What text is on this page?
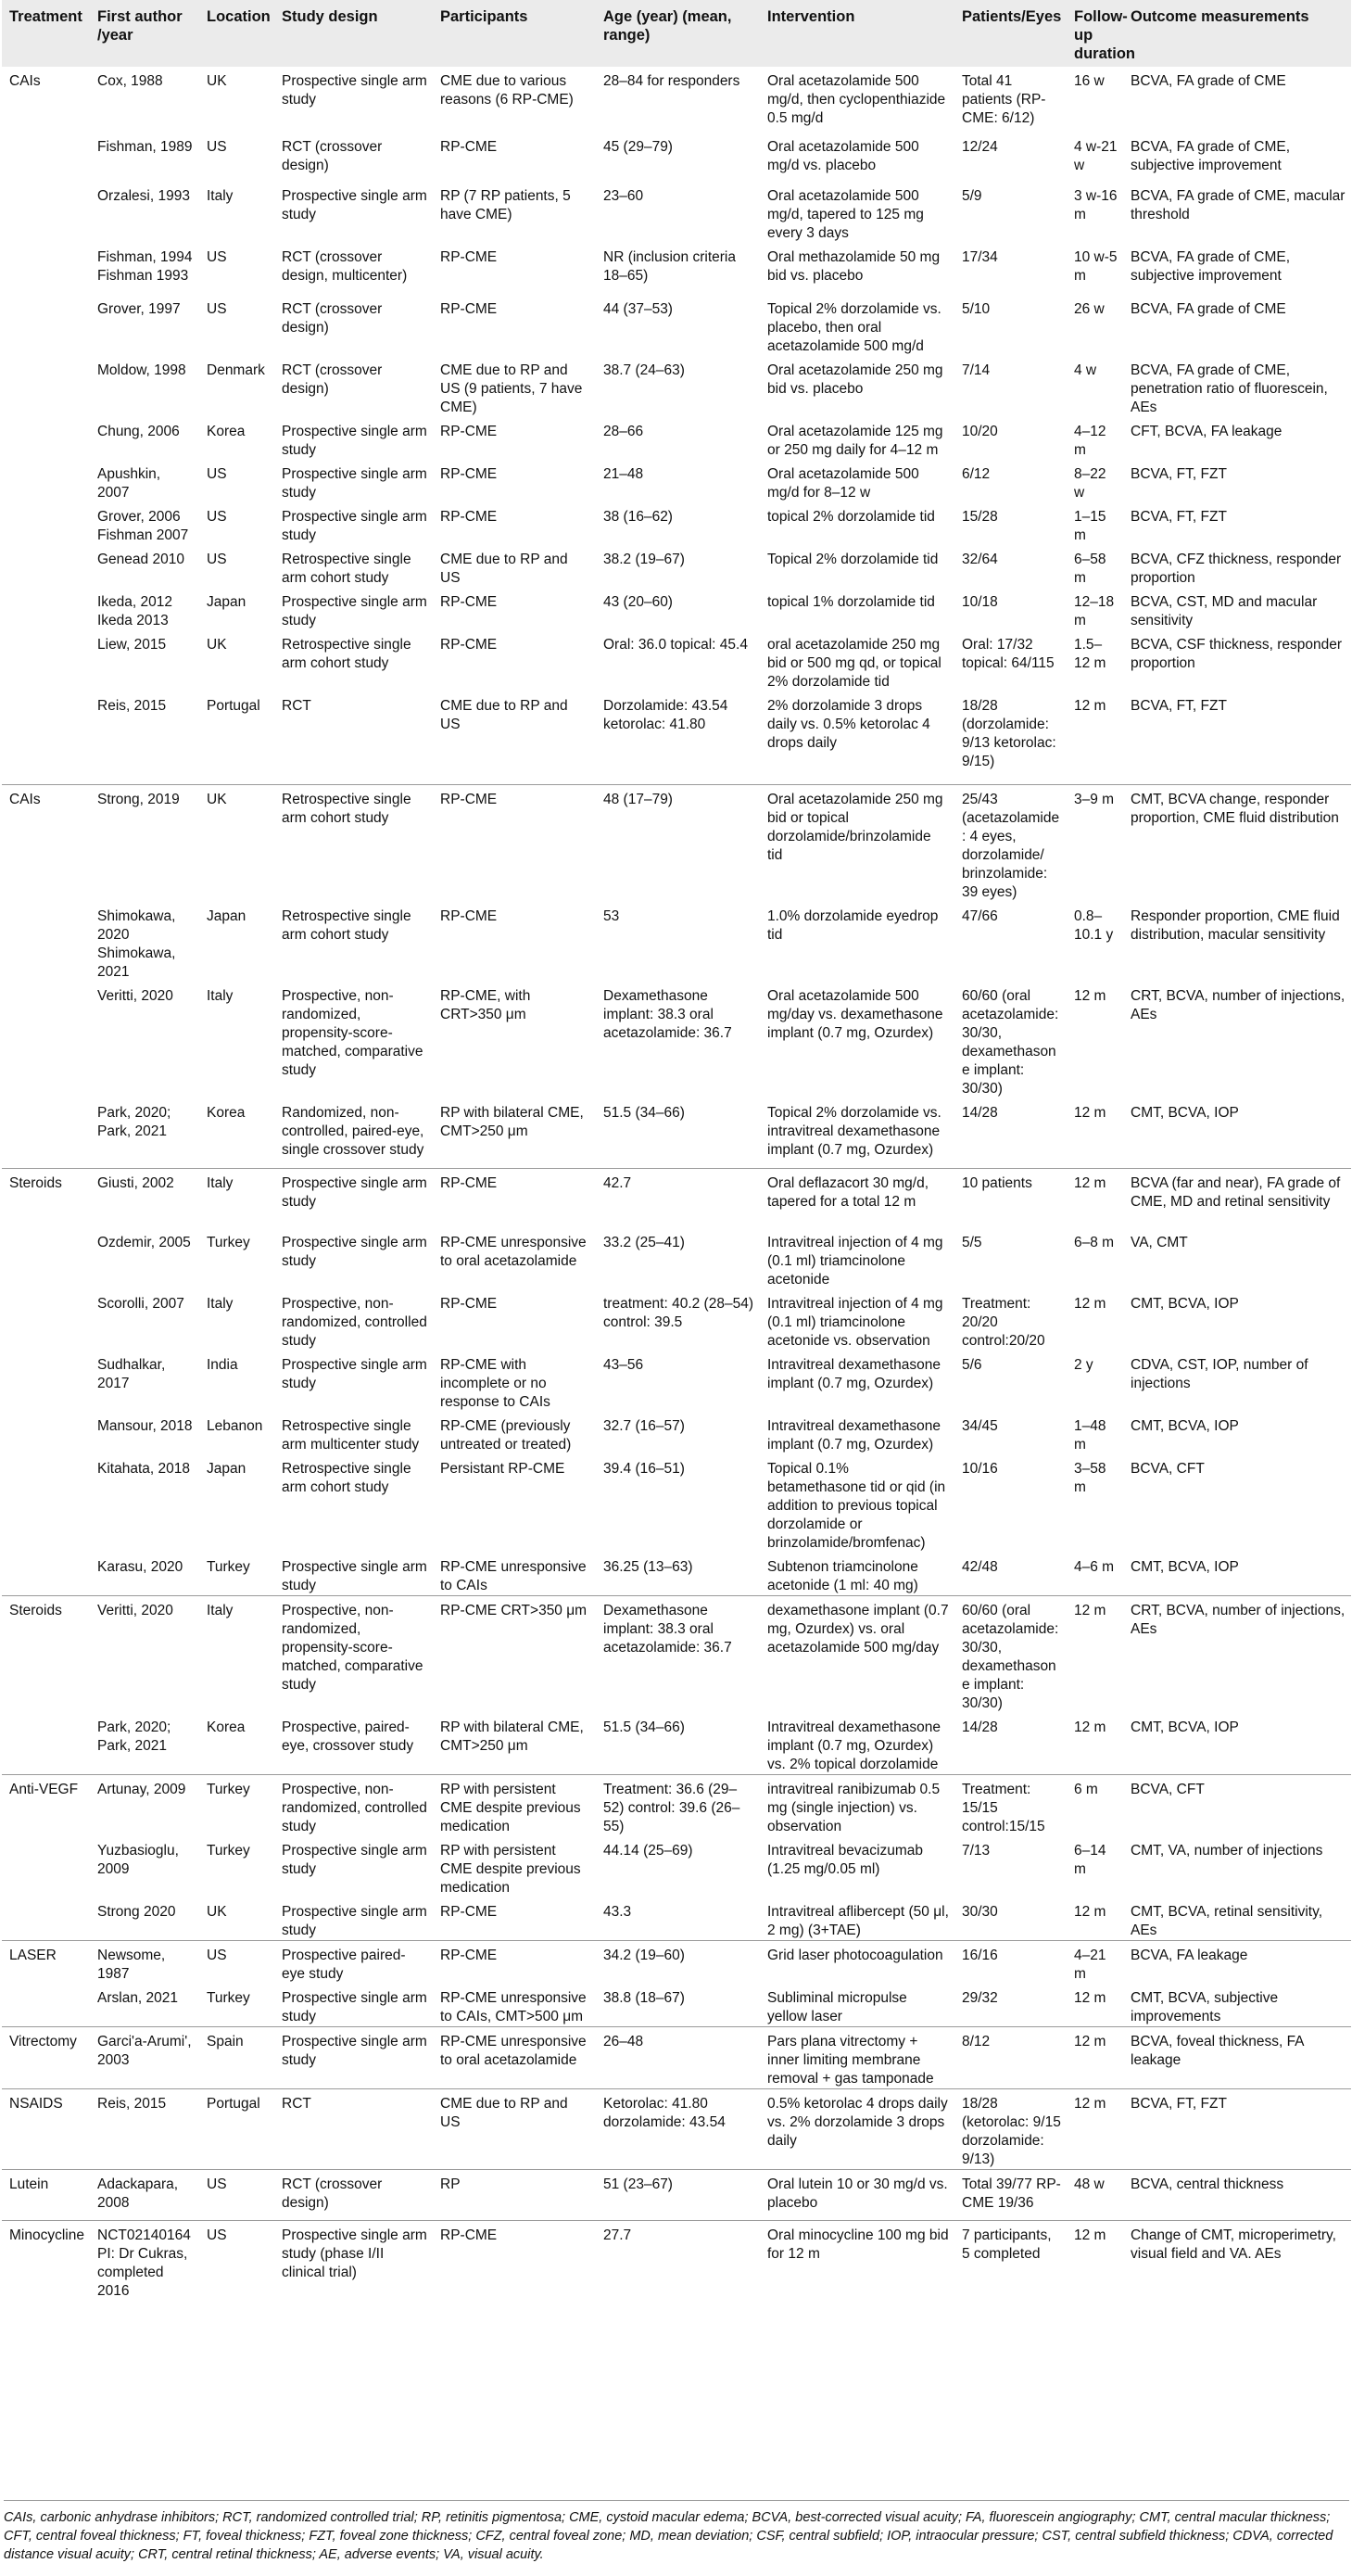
Treatment	First author /year	Location	Study design	Participants	Age (year) (mean, range)	Intervention	Patients/Eyes	Follow-up duration	Outcome measurements
CAIs	Cox, 1988	UK	Prospective single arm study	CME due to various reasons (6 RP-CME)	28–84 for responders	Oral acetazolamide 500 mg/d, then cyclopenthiazide 0.5 mg/d	Total 41 patients (RP-CME: 6/12)	16 w	BCVA, FA grade of CME
	Fishman, 1989	US	RCT (crossover design)	RP-CME	45 (29–79)	Oral acetazolamide 500 mg/d vs. placebo	12/24	4 w-21 w	BCVA, FA grade of CME, subjective improvement
	Orzalesi, 1993	Italy	Prospective single arm study	RP (7 RP patients, 5 have CME)	23–60	Oral acetazolamide 500 mg/d, tapered to 125 mg every 3 days	5/9	3 w-16 m	BCVA, FA grade of CME, macular threshold
	Fishman, 1994 Fishman 1993	US	RCT (crossover design, multicenter)	RP-CME	NR (inclusion criteria 18–65)	Oral methazolamide 50 mg bid vs. placebo	17/34	10 w-5 m	BCVA, FA grade of CME, subjective improvement
	Grover, 1997	US	RCT (crossover design)	RP-CME	44 (37–53)	Topical 2% dorzolamide vs. placebo, then oral acetazolamide 500 mg/d	5/10	26 w	BCVA, FA grade of CME
	Moldow, 1998	Denmark	RCT (crossover design)	CME due to RP and US (9 patients, 7 have CME)	38.7 (24–63)	Oral acetazolamide 250 mg bid vs. placebo	7/14	4 w	BCVA, FA grade of CME, penetration ratio of fluorescein, AEs
	Chung, 2006	Korea	Prospective single arm study	RP-CME	28–66	Oral acetazolamide 125 mg or 250 mg daily for 4–12 m	10/20	4–12 m	CFT, BCVA, FA leakage
	Apushkin, 2007	US	Prospective single arm study	RP-CME	21–48	Oral acetazolamide 500 mg/d for 8–12 w	6/12	8–22 w	BCVA, FT, FZT
	Grover, 2006 Fishman 2007	US	Prospective single arm study	RP-CME	38 (16–62)	topical 2% dorzolamide tid	15/28	1–15 m	BCVA, FT, FZT
	Genead 2010	US	Retrospective single arm cohort study	CME due to RP and US	38.2 (19–67)	Topical 2% dorzolamide tid	32/64	6–58 m	BCVA, CFZ thickness, responder proportion
	Ikeda, 2012 Ikeda 2013	Japan	Prospective single arm study	RP-CME	43 (20–60)	topical 1% dorzolamide tid	10/18	12–18 m	BCVA, CST, MD and macular sensitivity
	Liew, 2015	UK	Retrospective single arm cohort study	RP-CME	Oral: 36.0 topical: 45.4	oral acetazolamide 250 mg bid or 500 mg qd, or topical 2% dorzolamide tid	Oral: 17/32 topical: 64/115	1.5–12 m	BCVA, CSF thickness, responder proportion
	Reis, 2015	Portugal	RCT	CME due to RP and US	Dorzolamide: 43.54 ketorolac: 41.80	2% dorzolamide 3 drops daily vs. 0.5% ketorolac 4 drops daily	18/28 (dorzolamide: 9/13 ketorolac: 9/15)	12 m	BCVA, FT, FZT
CAIs	Strong, 2019	UK	Retrospective single arm cohort study	RP-CME	48 (17–79)	Oral acetazolamide 250 mg bid or topical dorzolamide/brinzolamide tid	25/43 (acetazolamide: 4 eyes, dorzolamide/ brinzolamide: 39 eyes)	3–9 m	CMT, BCVA change, responder proportion, CME fluid distribution
	Shimokawa, 2020 Shimokawa, 2021	Japan	Retrospective single arm cohort study	RP-CME	53	1.0% dorzolamide eyedrop tid	47/66	0.8–10.1 y	Responder proportion, CME fluid distribution, macular sensitivity
	Veritti, 2020	Italy	Prospective, non-randomized, propensity-score-matched, comparative study	RP-CME, with CRT>350 μm	Dexamethasone implant: 38.3 oral acetazolamide: 36.7	Oral acetazolamide 500 mg/day vs. dexamethasone implant (0.7 mg, Ozurdex)	60/60 (oral acetazolamide: 30/30, dexamethasone implant: 30/30)	12 m	CRT, BCVA, number of injections, AEs
	Park, 2020; Park, 2021	Korea	Randomized, non-controlled, paired-eye, single crossover study	RP with bilateral CME, CMT>250 μm	51.5 (34–66)	Topical 2% dorzolamide vs. intravitreal dexamethasone implant (0.7 mg, Ozurdex)	14/28	12 m	CMT, BCVA, IOP
Steroids	Giusti, 2002	Italy	Prospective single arm study	RP-CME	42.7	Oral deflazacort 30 mg/d, tapered for a total 12 m	10 patients	12 m	BCVA (far and near), FA grade of CME, MD and retinal sensitivity
	Ozdemir, 2005	Turkey	Prospective single arm study	RP-CME unresponsive to oral acetazolamide	33.2 (25–41)	Intravitreal injection of 4 mg (0.1 ml) triamcinolone acetonide	5/5	6–8 m	VA, CMT
	Scorolli, 2007	Italy	Prospective, non-randomized, controlled study	RP-CME	treatment: 40.2 (28–54) control: 39.5	Intravitreal injection of 4 mg (0.1 ml) triamcinolone acetonide vs. observation	Treatment: 20/20 control:20/20	12 m	CMT, BCVA, IOP
	Sudhalkar, 2017	India	Prospective single arm study	RP-CME with incomplete or no response to CAIs	43–56	Intravitreal dexamethasone implant (0.7 mg, Ozurdex)	5/6	2 y	CDVA, CST, IOP, number of injections
	Mansour, 2018	Lebanon	Retrospective single arm multicenter study	RP-CME (previously untreated or treated)	32.7 (16–57)	Intravitreal dexamethasone implant (0.7 mg, Ozurdex)	34/45	1–48 m	CMT, BCVA, IOP
	Kitahata, 2018	Japan	Retrospective single arm cohort study	Persistant RP-CME	39.4 (16–51)	Topical 0.1% betamethasone tid or qid (in addition to previous topical dorzolamide or brinzolamide/bromfenac)	10/16	3–58 m	BCVA, CFT
	Karasu, 2020	Turkey	Prospective single arm study	RP-CME unresponsive to CAIs	36.25 (13–63)	Subtenon triamcinolone acetonide (1 ml: 40 mg)	42/48	4–6 m	CMT, BCVA, IOP
Steroids	Veritti, 2020	Italy	Prospective, non-randomized, propensity-score-matched, comparative study	RP-CME CRT>350 μm	Dexamethasone implant: 38.3 oral acetazolamide: 36.7	dexamethasone implant (0.7 mg, Ozurdex) vs. oral acetazolamide 500 mg/day	60/60 (oral acetazolamide: 30/30, dexamethasone implant: 30/30)	12 m	CRT, BCVA, number of injections, AEs
	Park, 2020; Park, 2021	Korea	Prospective, paired-eye, crossover study	RP with bilateral CME, CMT>250 μm	51.5 (34–66)	Intravitreal dexamethasone implant (0.7 mg, Ozurdex) vs. 2% topical dorzolamide	14/28	12 m	CMT, BCVA, IOP
Anti-VEGF	Artunay, 2009	Turkey	Prospective, non-randomized, controlled study	RP with persistent CME despite previous medication	Treatment: 36.6 (29–52) control: 39.6 (26–55)	intravitreal ranibizumab 0.5 mg (single injection) vs. observation	Treatment: 15/15 control:15/15	6 m	BCVA, CFT
	Yuzbasioglu, 2009	Turkey	Prospective single arm study	RP with persistent CME despite previous medication	44.14 (25–69)	Intravitreal bevacizumab (1.25 mg/0.05 ml)	7/13	6–14 m	CMT, VA, number of injections
	Strong 2020	UK	Prospective single arm study	RP-CME	43.3	Intravitreal aflibercept (50 μl, 2 mg) (3+TAE)	30/30	12 m	CMT, BCVA, retinal sensitivity, AEs
LASER	Newsome, 1987	US	Prospective paired-eye study	RP-CME	34.2 (19–60)	Grid laser photocoagulation	16/16	4–21 m	BCVA, FA leakage
	Arslan, 2021	Turkey	Prospective single arm study	RP-CME unresponsive to CAIs, CMT>500 μm	38.8 (18–67)	Subliminal micropulse yellow laser	29/32	12 m	CMT, BCVA, subjective improvements
Vitrectomy	Garci'a-Arumi', 2003	Spain	Prospective single arm study	RP-CME unresponsive to oral acetazolamide	26–48	Pars plana vitrectomy + inner limiting membrane removal + gas tamponade	8/12	12 m	BCVA, foveal thickness, FA leakage
NSAIDS	Reis, 2015	Portugal	RCT	CME due to RP and US	Ketorolac: 41.80 dorzolamide: 43.54	0.5% ketorolac 4 drops daily vs. 2% dorzolamide 3 drops daily	18/28 (ketorolac: 9/15 dorzolamide: 9/13)	12 m	BCVA, FT, FZT
Lutein	Adackapara, 2008	US	RCT (crossover design)	RP	51 (23–67)	Oral lutein 10 or 30 mg/d vs. placebo	Total 39/77 RP-CME 19/36	48 w	BCVA, central thickness
Minocycline	NCT02140164 PI: Dr Cukras, completed 2016	US	Prospective single arm study (phase I/II clinical trial)	RP-CME	27.7	Oral minocycline 100 mg bid for 12 m	7 participants, 5 completed	12 m	Change of CMT, microperimetry, visual field and VA. AEs
CAIs, carbonic anhydrase inhibitors; RCT, randomized controlled trial; RP, retinitis pigmentosa; CME, cystoid macular edema; BCVA, best-corrected visual acuity; FA, fluorescein angiography; CMT, central macular thickness; CFT, central foveal thickness; FT, foveal thickness; FZT, foveal zone thickness; CFZ, central foveal zone; MD, mean deviation; CSF, central subfield; IOP, intraocular pressure; CST, central subfield thickness; CDVA, corrected distance visual acuity; CRT, central retinal thickness; AE, adverse events; VA, visual acuity.
